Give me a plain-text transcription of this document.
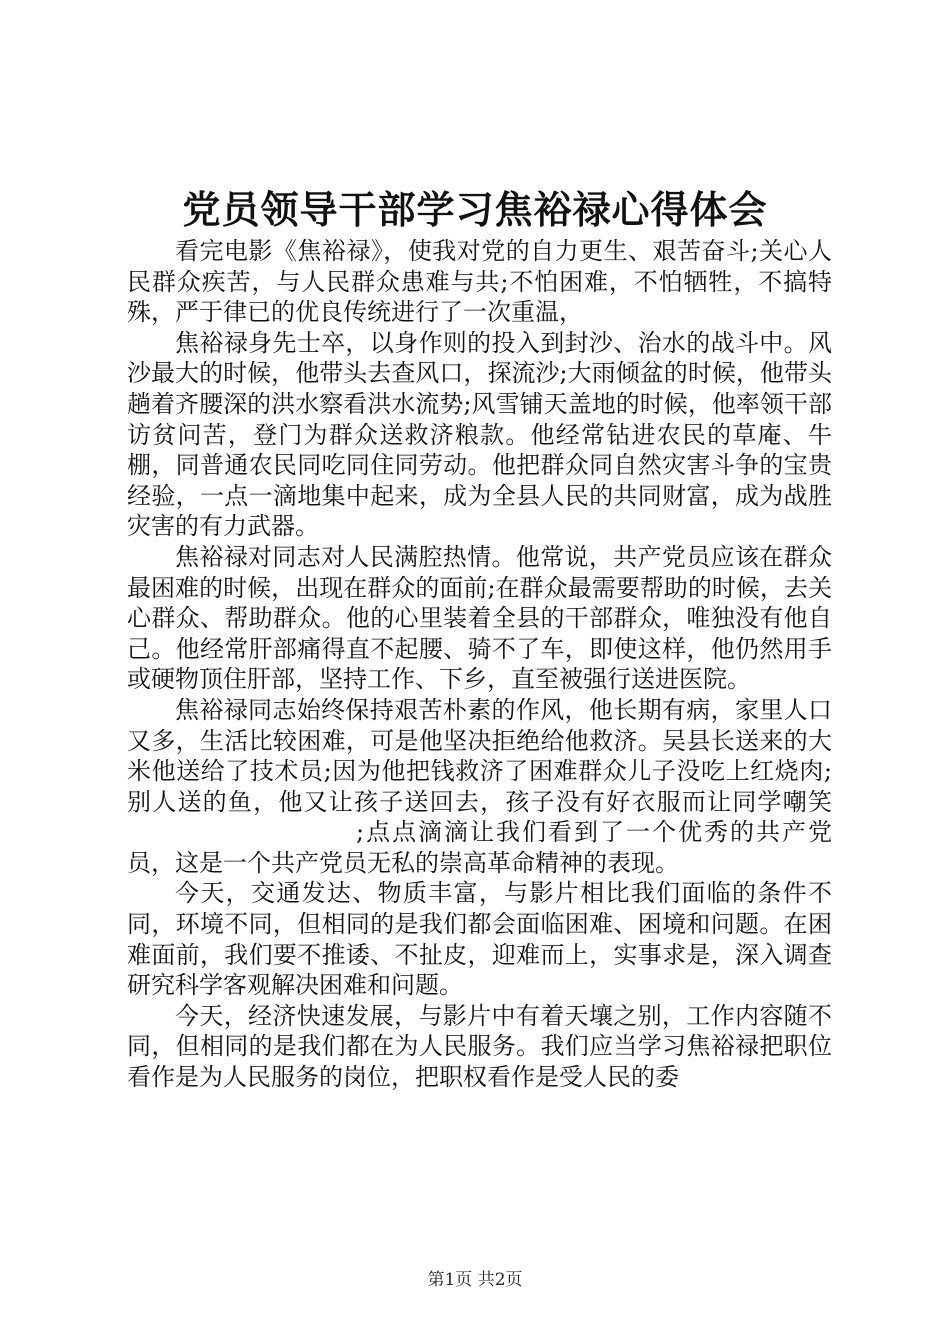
党员领导干部学习焦裕禄心得体会

看完电影《焦裕禄》，使我对党的自力更生、艰苦奋斗;关心人民群众疾苦，与人民群众患难与共;不怕困难，不怕牺牲，不搞特殊，严于律已的优良传统进行了一次重温，

焦裕禄身先士卒，以身作则的投入到封沙、治水的战斗中。风沙最大的时候，他带头去查风口，探流沙;大雨倾盆的时候，他带头趟着齐腰深的洪水察看洪水流势;风雪铺天盖地的时候，他率领干部访贫问苦，登门为群众送救济粮款。他经常钻进农民的草庵、牛棚，同普通农民同吃同住同劳动。他把群众同自然灾害斗争的宝贵经验，一点一滴地集中起来，成为全县人民的共同财富，成为战胜灾害的有力武器。

焦裕禄对同志对人民满腔热情。他常说，共产党员应该在群众最困难的时候，出现在群众的面前;在群众最需要帮助的时候，去关心群众、帮助群众。他的心里装着全县的干部群众，唯独没有他自己。他经常肝部痛得直不起腰、骑不了车，即使这样，他仍然用手或硬物顶住肝部，坚持工作、下乡，直至被强行送进医院。

焦裕禄同志始终保持艰苦朴素的作风，他长期有病，家里人口又多，生活比较困难，可是他坚决拒绝给他救济。吴县长送来的大米他送给了技术员;因为他把钱救济了困难群众儿子没吃上红烧肉;别人送的鱼，他又让孩子送回去，孩子没有好衣服而让同学嘲笑;点点滴滴让我们看到了一个优秀的共产党员，这是一个共产党员无私的崇高革命精神的表现。

今天，交通发达、物质丰富，与影片相比我们面临的条件不同，环境不同，但相同的是我们都会面临困难、困境和问题。在困难面前，我们要不推诿、不扯皮，迎难而上，实事求是，深入调查研究科学客观解决困难和问题。

今天，经济快速发展，与影片中有着天壤之别，工作内容随不同，但相同的是我们都在为人民服务。我们应当学习焦裕禄把职位看作是为人民服务的岗位，把职权看作是受人民的委

第1页 共2页
